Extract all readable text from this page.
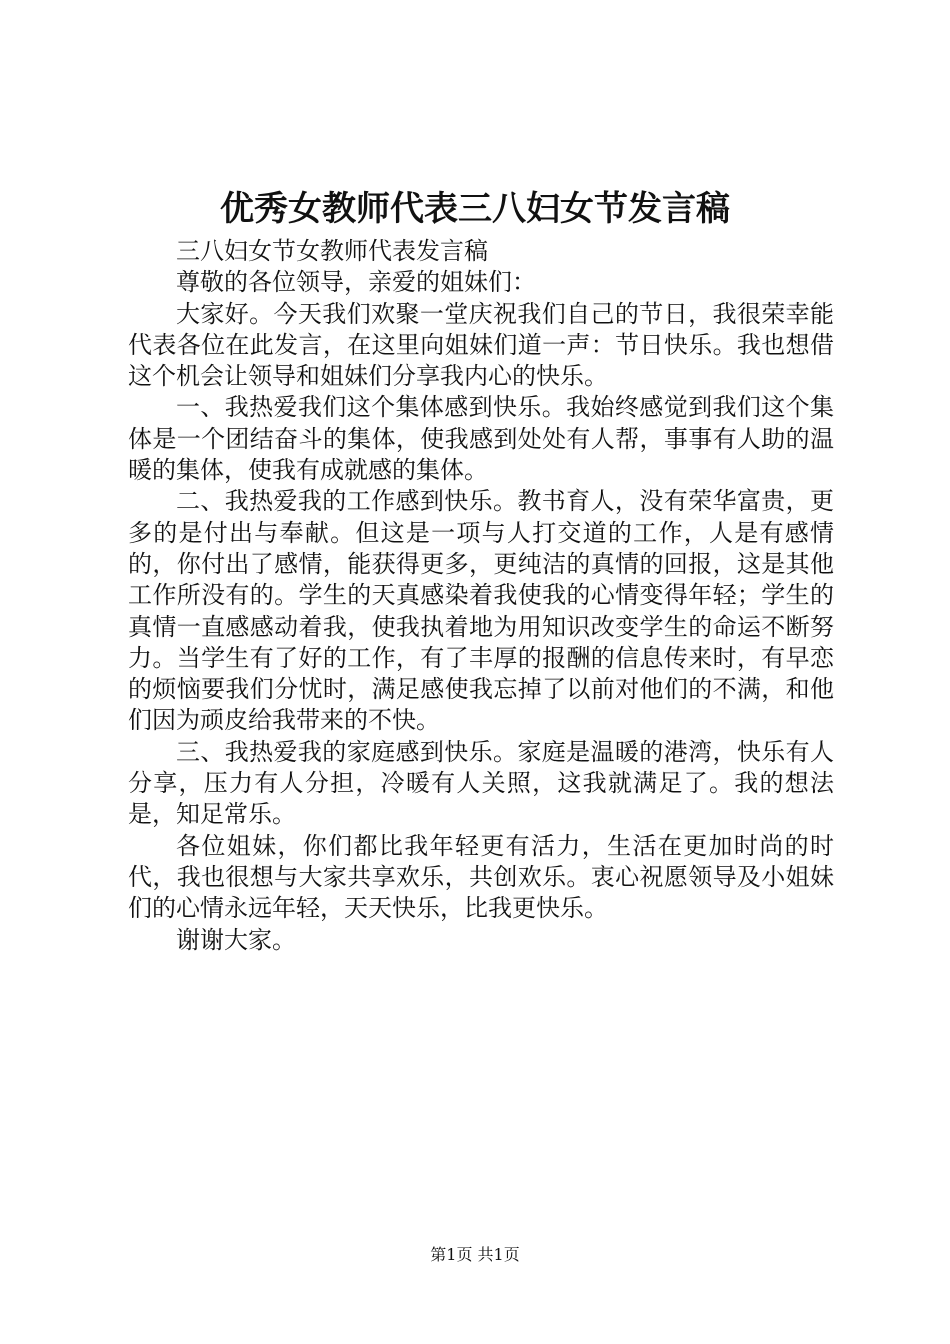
优秀女教师代表三八妇女节发言稿

三八妇女节女教师代表发言稿

尊敬的各位领导，亲爱的姐妹们：

大家好。今天我们欢聚一堂庆祝我们自己的节日，我很荣幸能代表各位在此发言，在这里向姐妹们道一声：节日快乐。我也想借这个机会让领导和姐妹们分享我内心的快乐。

一、我热爱我们这个集体感到快乐。我始终感觉到我们这个集体是一个团结奋斗的集体，使我感到处处有人帮，事事有人助的温暖的集体，使我有成就感的集体。

二、我热爱我的工作感到快乐。教书育人，没有荣华富贵，更多的是付出与奉献。但这是一项与人打交道的工作，人是有感情的，你付出了感情，能获得更多，更纯洁的真情的回报，这是其他工作所没有的。学生的天真感染着我使我的心情变得年轻；学生的真情一直感感动着我，使我执着地为用知识改变学生的命运不断努力。当学生有了好的工作，有了丰厚的报酬的信息传来时，有早恋的烦恼要我们分忧时，满足感使我忘掉了以前对他们的不满，和他们因为顽皮给我带来的不快。

三、我热爱我的家庭感到快乐。家庭是温暖的港湾，快乐有人分享，压力有人分担，冷暖有人关照，这我就满足了。我的想法是，知足常乐。

各位姐妹，你们都比我年轻更有活力，生活在更加时尚的时代，我也很想与大家共享欢乐，共创欢乐。衷心祝愿领导及小姐妹们的心情永远年轻，天天快乐，比我更快乐。

谢谢大家。

第1页 共1页
